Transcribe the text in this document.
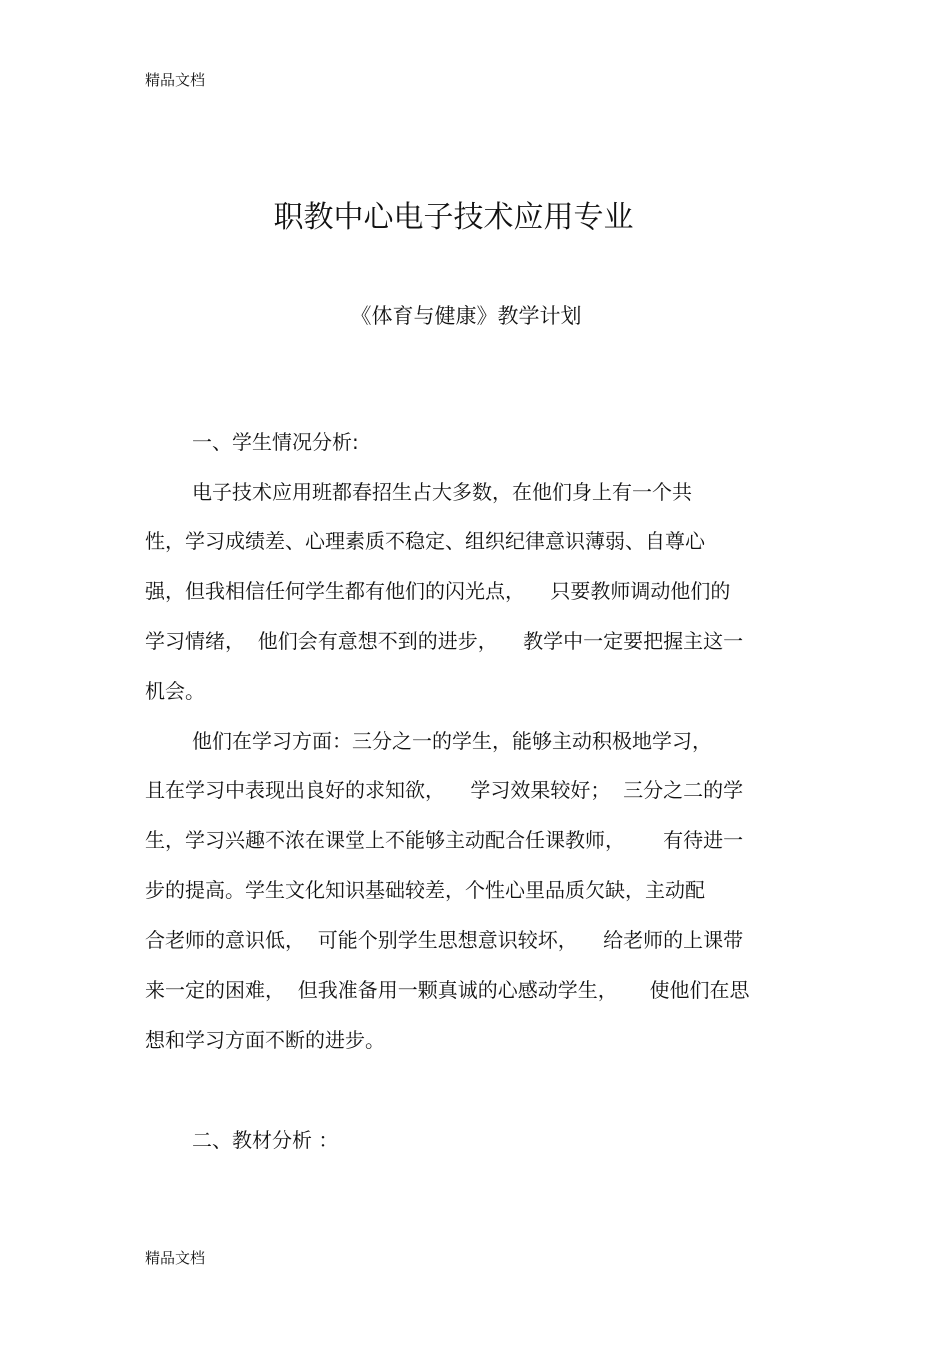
精品文档
职教中心电子技术应用专业
《体育与健康》教学计划
一、学生情况分析:
电子技术应用班都春招生占大多数，在他们身上有一个共
性，学习成绩差、心理素质不稳定、组织纪律意识薄弱、自尊心
强，但我相信任何学生都有他们的闪光点，    只要教师调动他们的
学习情绪，  他们会有意想不到的进步，    教学中一定要把握主这一
机会。
他们在学习方面：三分之一的学生，能够主动积极地学习，
且在学习中表现出良好的求知欲，    学习效果较好；  三分之二的学
生，学习兴趣不浓在课堂上不能够主动配合任课教师，      有待进一
步的提高。学生文化知识基础较差，个性心里品质欠缺，主动配
合老师的意识低，  可能个别学生思想意识较坏，    给老师的上课带
来一定的困难，  但我准备用一颗真诚的心感动学生，     使他们在思
想和学习方面不断的进步。
二、教材分析 ：
精品文档
